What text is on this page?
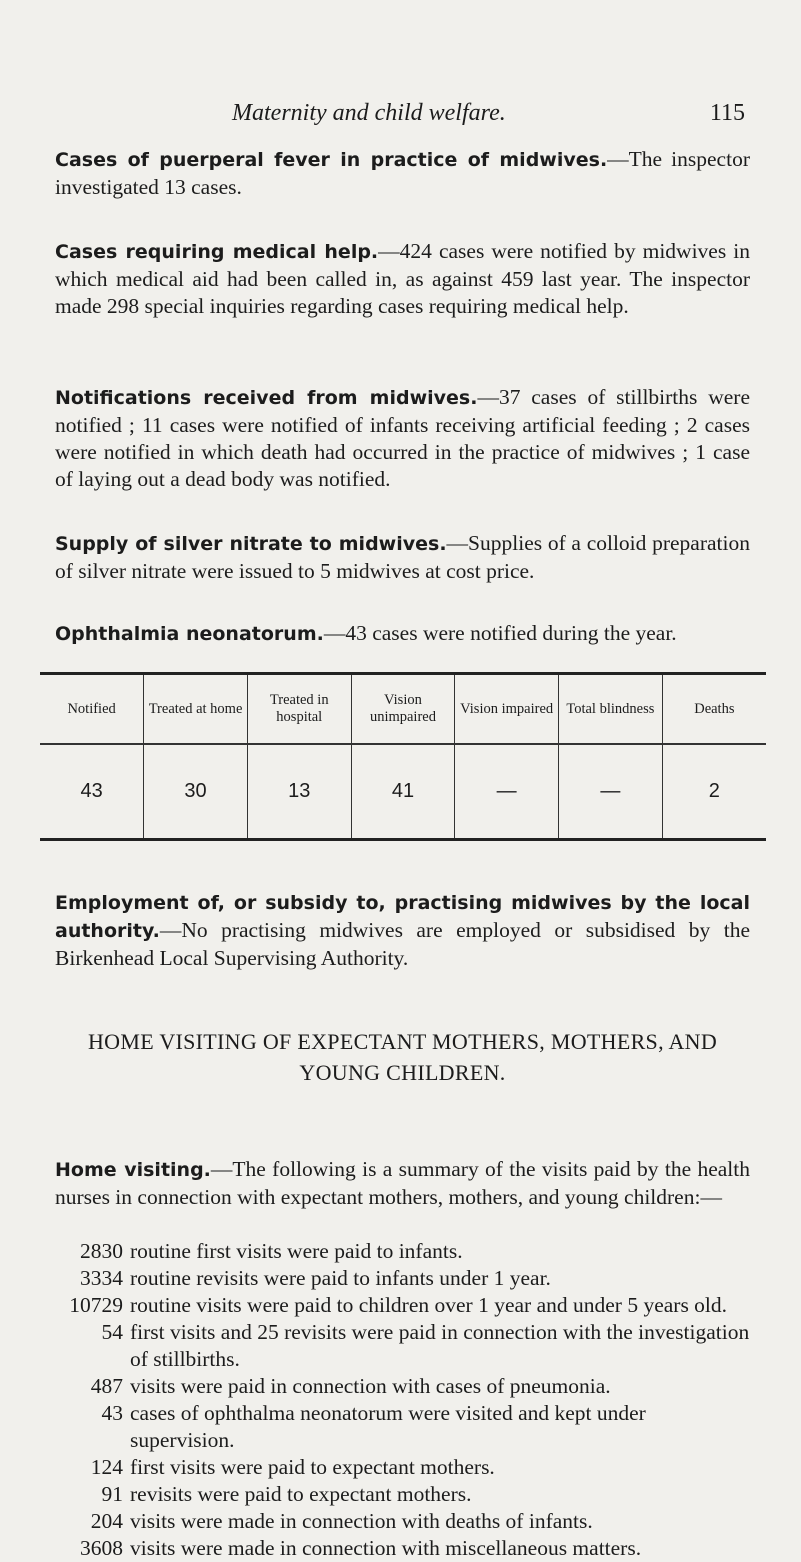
Maternity and child welfare.	115

Cases of puerperal fever in practice of midwives.—The inspector investigated 13 cases.

Cases requiring medical help.—424 cases were notified by midwives in which medical aid had been called in, as against 459 last year. The inspector made 298 special inquiries regarding cases requiring medical help.

Notifications received from midwives.—37 cases of stillbirths were notified ; 11 cases were notified of infants receiving artificial feeding ; 2 cases were notified in which death had occurred in the practice of midwives ; 1 case of laying out a dead body was notified.

Supply of silver nitrate to midwives.—Supplies of a colloid preparation of silver nitrate were issued to 5 midwives at cost price.

Ophthalmia neonatorum.—43 cases were notified during the year.

Notified	Treated at home	Treated in hospital	Vision unimpaired	Vision impaired	Total blindness	Deaths
43	30	13	41	—	—	2

Employment of, or subsidy to, practising midwives by the local authority.—No practising midwives are employed or subsidised by the Birkenhead Local Supervising Authority.

HOME VISITING OF EXPECTANT MOTHERS, MOTHERS, AND YOUNG CHILDREN.

Home visiting.—The following is a summary of the visits paid by the health nurses in connection with expectant mothers, mothers, and young children:—

2830 routine first visits were paid to infants.
3334 routine revisits were paid to infants under 1 year.
10729 routine visits were paid to children over 1 year and under 5 years old.
54 first visits and 25 revisits were paid in connection with the investigation of stillbirths.
487 visits were paid in connection with cases of pneumonia.
43 cases of ophthalma neonatorum were visited and kept under supervision.
124 first visits were paid to expectant mothers.
91 revisits were paid to expectant mothers.
204 visits were made in connection with deaths of infants.
3608 visits were made in connection with miscellaneous matters.
